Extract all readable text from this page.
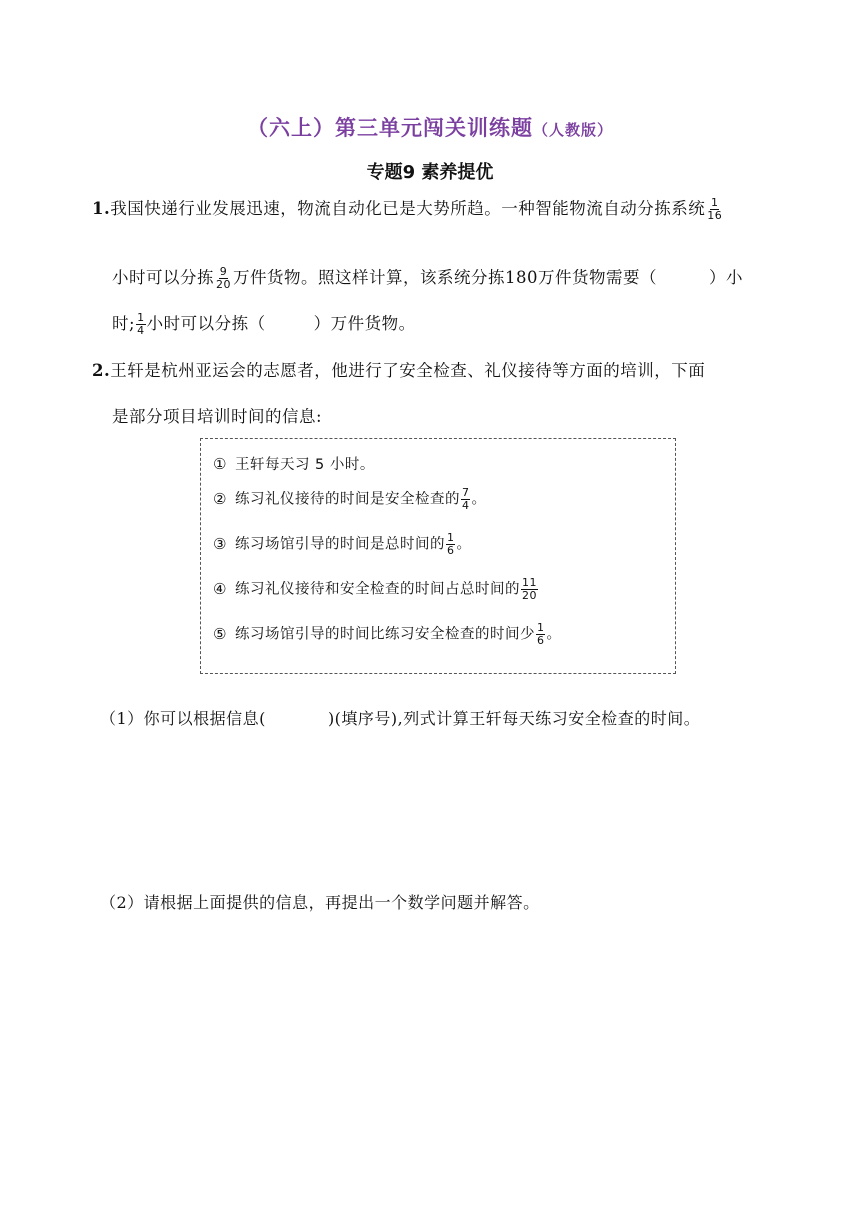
（六上）第三单元闯关训练题（人教版）
专题9 素养提优
1.我国快递行业发展迅速，物流自动化已是大势所趋。一种智能物流自动分拣系统 $\frac{1}{16}$
小时可以分拣 $\frac{9}{20}$ 万件货物。照这样计算，该系统分拣180万件货物需要（	）小
时; $\frac{1}{4}$ 小时可以分拣（	）万件货物。
2.王轩是杭州亚运会的志愿者，他进行了安全检查、礼仪接待等方面的培训，下面
是部分项目培训时间的信息:
① 王轩每天习 5 小时。
② 练习礼仪接待的时间是安全检查的 $\frac{7}{4}$ 。
③ 练习场馆引导的时间是总时间的 $\frac{1}{6}$ 。
④ 练习礼仪接待和安全检查的时间占总时间的 $\frac{11}{20}$
⑤ 练习场馆引导的时间比练习安全检查的时间少 $\frac{1}{6}$ 。
（1）你可以根据信息(	)(填序号),列式计算王轩每天练习安全检查的时间。
（2）请根据上面提供的信息，再提出一个数学问题并解答。
